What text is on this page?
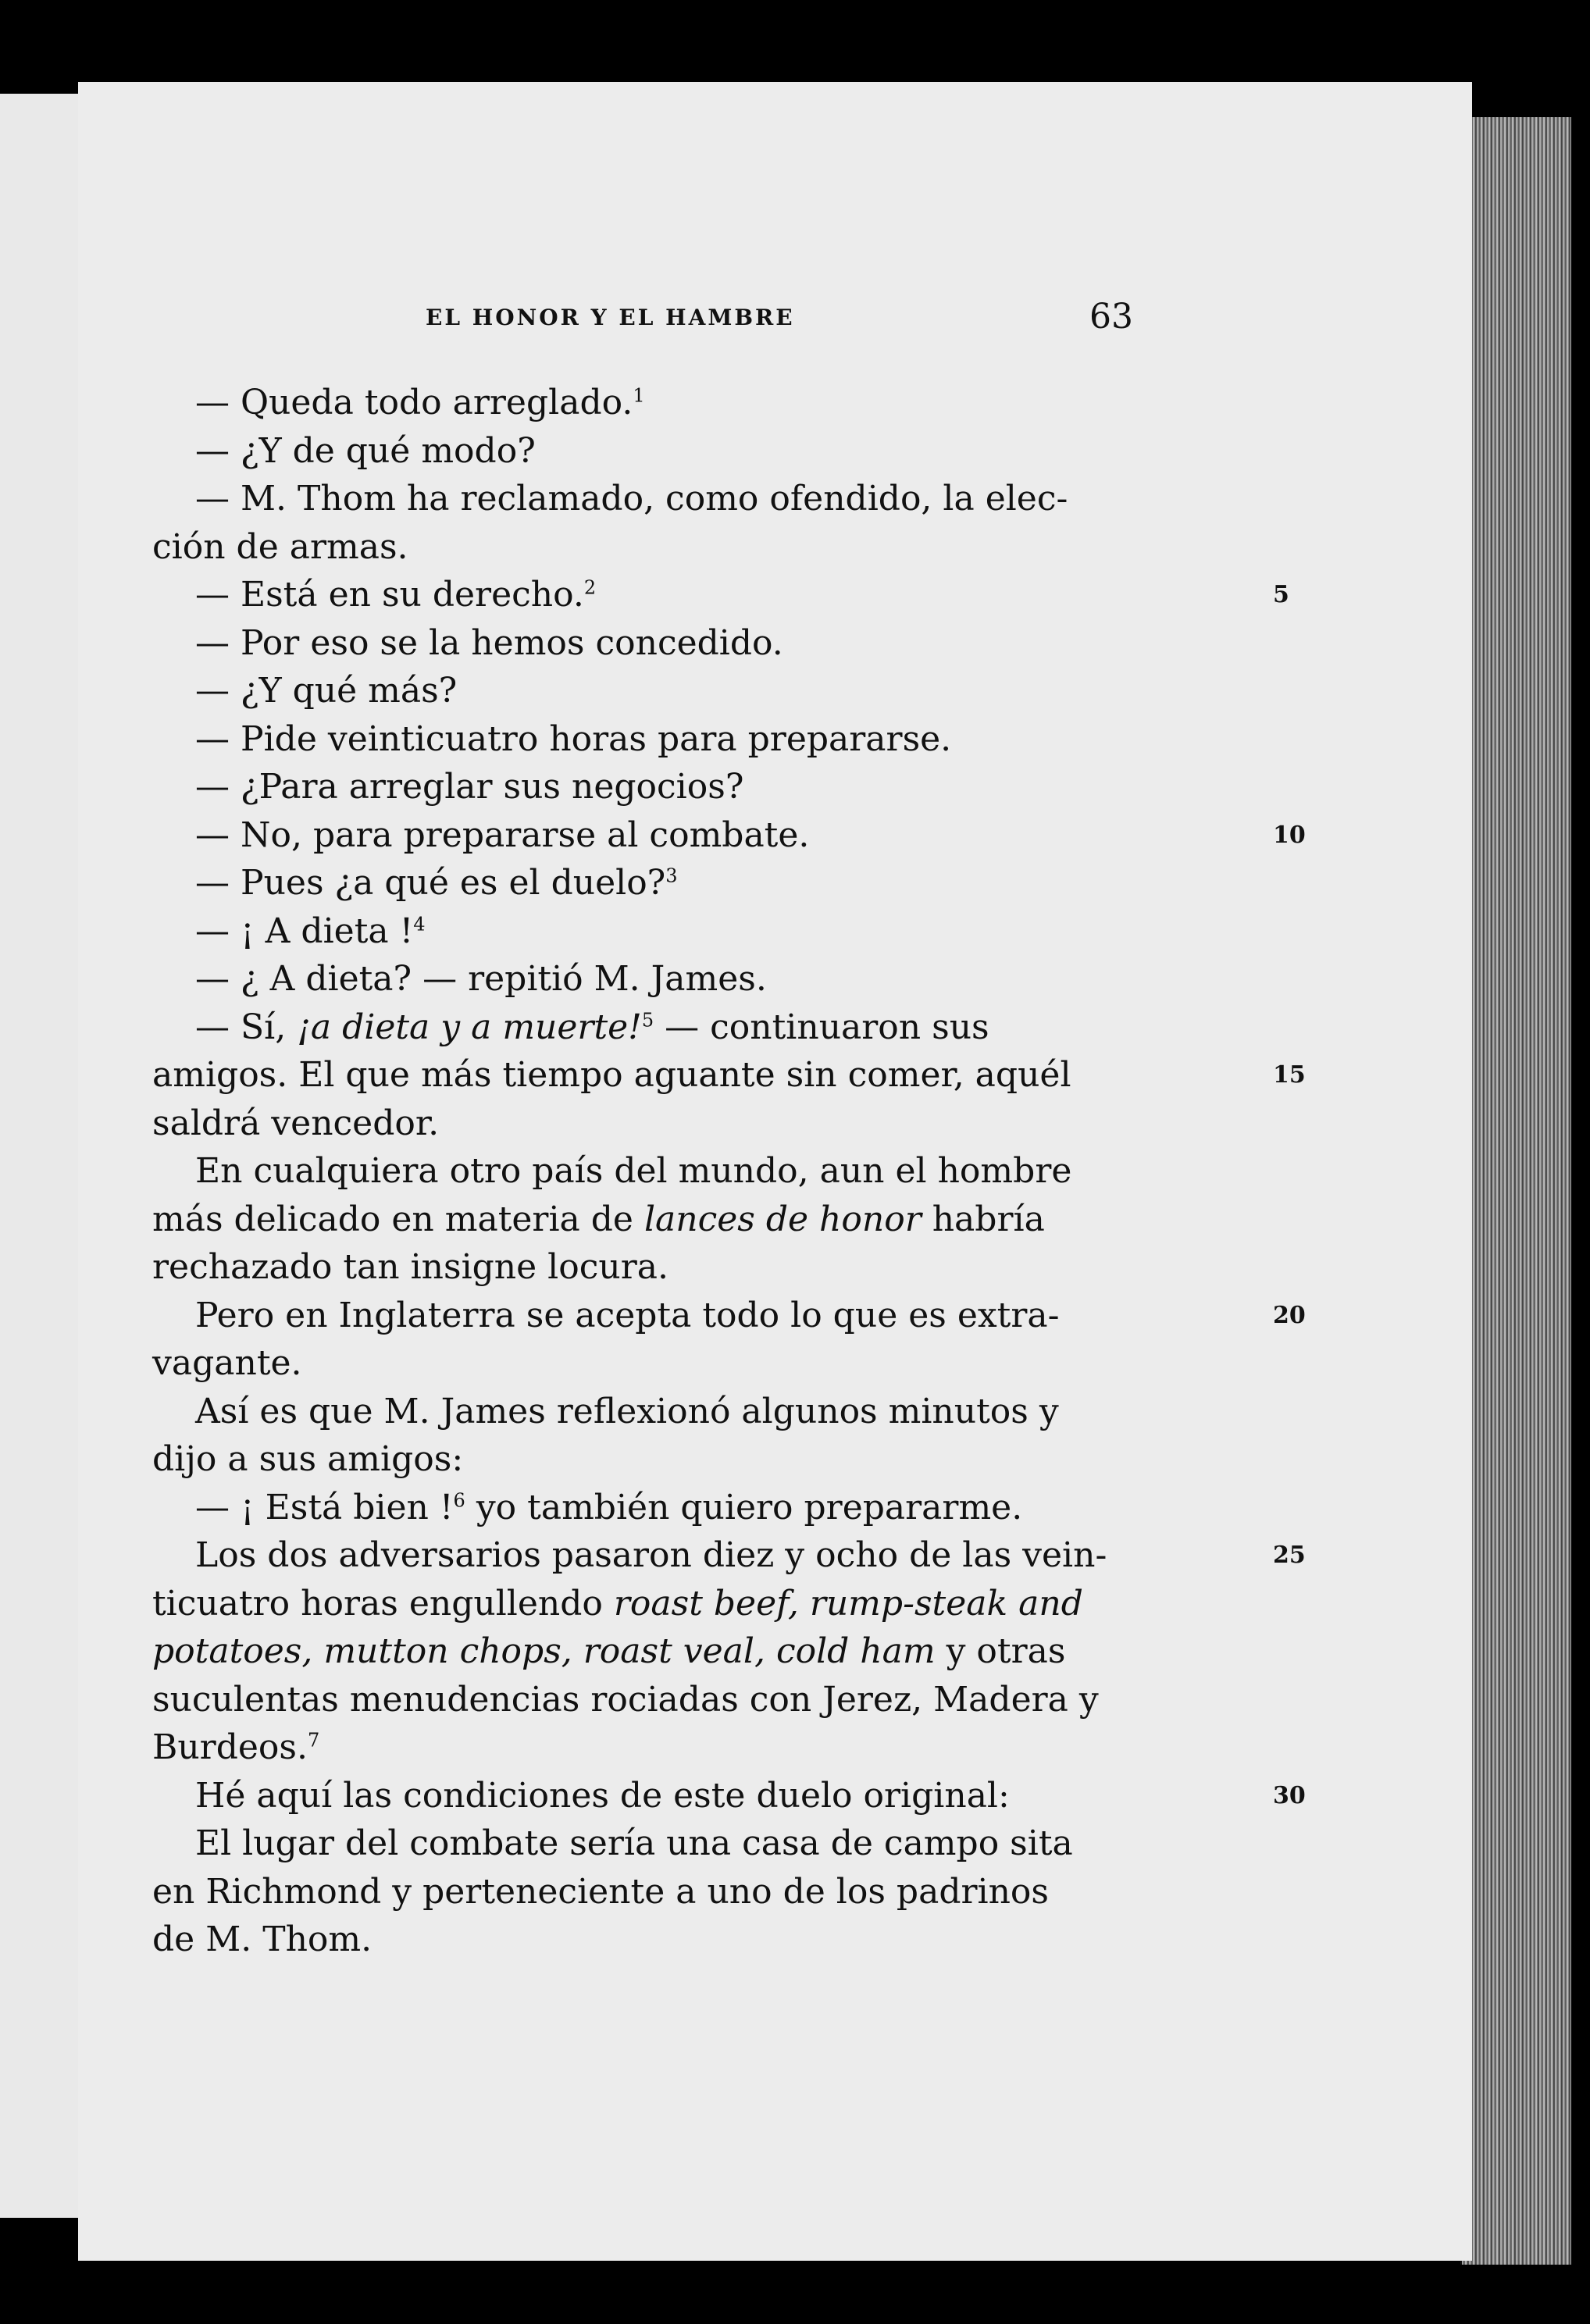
EL HONOR Y EL HAMBRE	63
— Queda todo arreglado.$^1$
— ¿Y de qué modo?
— M. Thom ha reclamado, como ofendido, la elec-
ción de armas.
— Está en su derecho.$^2$	5
— Por eso se la hemos concedido.
— ¿Y qué más?
— Pide veinticuatro horas para prepararse.
— ¿Para arreglar sus negocios?
— No, para prepararse al combate.	10
— Pues ¿a qué es el duelo?$^3$
— ¡ A dieta !$^4$
— ¿ A dieta? — repitió M. James.
— Sí, ¡a dieta y a muerte!$^5$ — continuaron sus
amigos. El que más tiempo aguante sin comer, aquél	15
saldrá vencedor.
En cualquiera otro país del mundo, aun el hombre
más delicado en materia de lances de honor habría
rechazado tan insigne locura.
Pero en Inglaterra se acepta todo lo que es extra-	20
vagante.
Así es que M. James reflexionó algunos minutos y
dijo a sus amigos:
— ¡ Está bien !$^6$ yo también quiero prepararme.
Los dos adversarios pasaron diez y ocho de las vein-	25
ticuatro horas engullendo roast beef, rump-steak and
potatoes, mutton chops, roast veal, cold ham y otras
suculentas menudencias rociadas con Jerez, Madera y
Burdeos.$^7$
Hé aquí las condiciones de este duelo original:	30
El lugar del combate sería una casa de campo sita
en Richmond y perteneciente a uno de los padrinos
de M. Thom.
